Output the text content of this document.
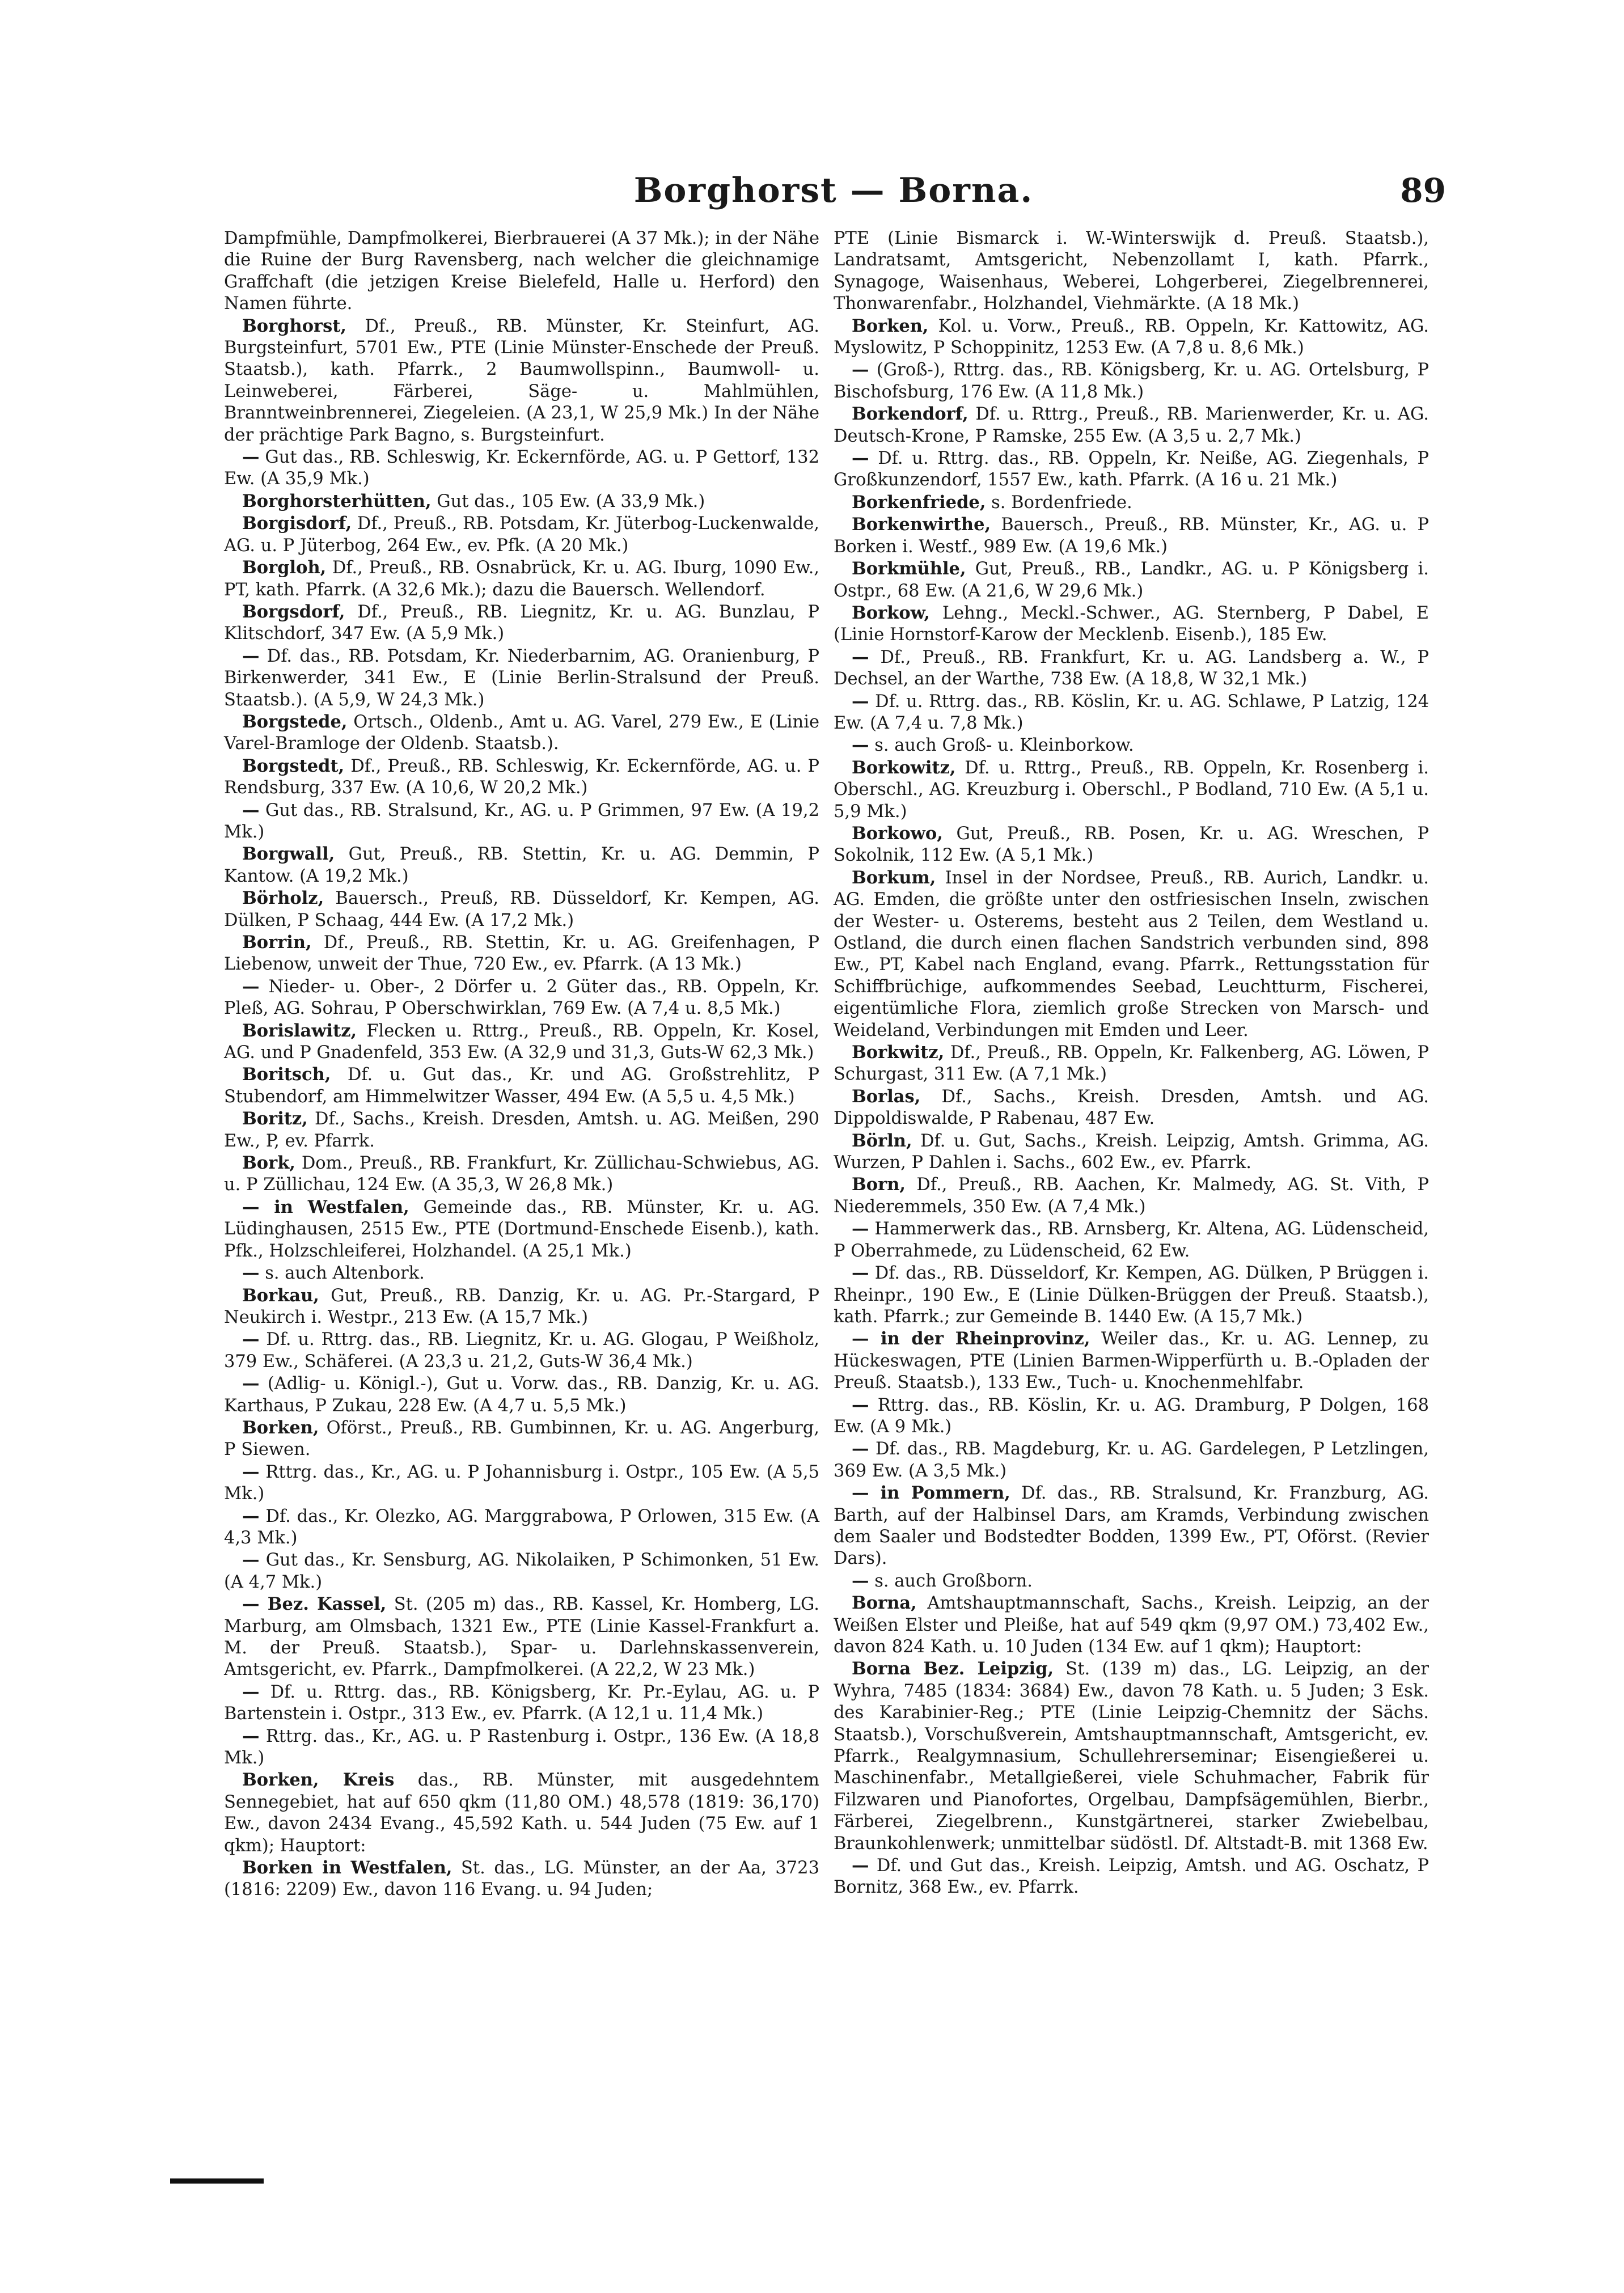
Borghorst — Borna.	89

Dampfmühle, Dampfmolkerei, Bierbrauerei (A 37 Mk.); in der Nähe die Ruine der Burg Ravensberg, nach welcher die gleichnamige Graffchaft (die jetzigen Kreise Bielefeld, Halle u. Herford) den Namen führte.

Borghorst, Df., Preuß., RB. Münster, Kr. Steinfurt, AG. Burgsteinfurt, 5701 Ew., PTE (Linie Münster-Enschede der Preuß. Staatsb.), kath. Pfarrk., 2 Baumwollspinn., Baumwoll- u. Leinweberei, Färberei, Säge- u. Mahlmühlen, Branntweinbrennerei, Ziegeleien. (A 23,1, W 25,9 Mk.) In der Nähe der prächtige Park Bagno, s. Burgsteinfurt.

— Gut das., RB. Schleswig, Kr. Eckernförde, AG. u. P Gettorf, 132 Ew. (A 35,9 Mk.)

Borghorsterhütten, Gut das., 105 Ew. (A 33,9 Mk.)

Borgisdorf, Df., Preuß., RB. Potsdam, Kr. Jüterbog-Luckenwalde, AG. u. P Jüterbog, 264 Ew., ev. Pfk. (A 20 Mk.)

Borgloh, Df., Preuß., RB. Osnabrück, Kr. u. AG. Iburg, 1090 Ew., PT, kath. Pfarrk. (A 32,6 Mk.); dazu die Bauersch. Wellendorf.

Borgsdorf, Df., Preuß., RB. Liegnitz, Kr. u. AG. Bunzlau, P Klitschdorf, 347 Ew. (A 5,9 Mk.)

— Df. das., RB. Potsdam, Kr. Niederbarnim, AG. Oranienburg, P Birkenwerder, 341 Ew., E (Linie Berlin-Stralsund der Preuß. Staatsb.). (A 5,9, W 24,3 Mk.)

Borgstede, Ortsch., Oldenb., Amt u. AG. Varel, 279 Ew., E (Linie Varel-Bramloge der Oldenb. Staatsb.).

Borgstedt, Df., Preuß., RB. Schleswig, Kr. Eckernförde, AG. u. P Rendsburg, 337 Ew. (A 10,6, W 20,2 Mk.)

— Gut das., RB. Stralsund, Kr., AG. u. P Grimmen, 97 Ew. (A 19,2 Mk.)

Borgwall, Gut, Preuß., RB. Stettin, Kr. u. AG. Demmin, P Kantow. (A 19,2 Mk.)

Börholz, Bauersch., Preuß, RB. Düsseldorf, Kr. Kempen, AG. Dülken, P Schaag, 444 Ew. (A 17,2 Mk.)

Borrin, Df., Preuß., RB. Stettin, Kr. u. AG. Greifenhagen, P Liebenow, unweit der Thue, 720 Ew., ev. Pfarrk. (A 13 Mk.)

— Nieder- u. Ober-, 2 Dörfer u. 2 Güter das., RB. Oppeln, Kr. Pleß, AG. Sohrau, P Oberschwirklan, 769 Ew. (A 7,4 u. 8,5 Mk.)

Borislawitz, Flecken u. Rttrg., Preuß., RB. Oppeln, Kr. Kosel, AG. und P Gnadenfeld, 353 Ew. (A 32,9 und 31,3, Guts-W 62,3 Mk.)

Boritsch, Df. u. Gut das., Kr. und AG. Großstrehlitz, P Stubendorf, am Himmelwitzer Wasser, 494 Ew. (A 5,5 u. 4,5 Mk.)

Boritz, Df., Sachs., Kreish. Dresden, Amtsh. u. AG. Meißen, 290 Ew., P, ev. Pfarrk.

Bork, Dom., Preuß., RB. Frankfurt, Kr. Züllichau-Schwiebus, AG. u. P Züllichau, 124 Ew. (A 35,3, W 26,8 Mk.)

— in Westfalen, Gemeinde das., RB. Münster, Kr. u. AG. Lüdinghausen, 2515 Ew., PTE (Dortmund-Enschede Eisenb.), kath. Pfk., Holzschleiferei, Holzhandel. (A 25,1 Mk.)

— s. auch Altenbork.

Borkau, Gut, Preuß., RB. Danzig, Kr. u. AG. Pr.-Stargard, P Neukirch i. Westpr., 213 Ew. (A 15,7 Mk.)

— Df. u. Rttrg. das., RB. Liegnitz, Kr. u. AG. Glogau, P Weißholz, 379 Ew., Schäferei. (A 23,3 u. 21,2, Guts-W 36,4 Mk.)

— (Adlig- u. Königl.-), Gut u. Vorw. das., RB. Danzig, Kr. u. AG. Karthaus, P Zukau, 228 Ew. (A 4,7 u. 5,5 Mk.)

Borken, Oförst., Preuß., RB. Gumbinnen, Kr. u. AG. Angerburg, P Siewen.

— Rttrg. das., Kr., AG. u. P Johannisburg i. Ostpr., 105 Ew. (A 5,5 Mk.)

— Df. das., Kr. Olezko, AG. Marggrabowa, P Orlowen, 315 Ew. (A 4,3 Mk.)

— Gut das., Kr. Sensburg, AG. Nikolaiken, P Schimonken, 51 Ew. (A 4,7 Mk.)

— Bez. Kassel, St. (205 m) das., RB. Kassel, Kr. Homberg, LG. Marburg, am Olmsbach, 1321 Ew., PTE (Linie Kassel-Frankfurt a. M. der Preuß. Staatsb.), Spar- u. Darlehnskassenverein, Amtsgericht, ev. Pfarrk., Dampfmolkerei. (A 22,2, W 23 Mk.)

— Df. u. Rttrg. das., RB. Königsberg, Kr. Pr.-Eylau, AG. u. P Bartenstein i. Ostpr., 313 Ew., ev. Pfarrk. (A 12,1 u. 11,4 Mk.)

— Rttrg. das., Kr., AG. u. P Rastenburg i. Ostpr., 136 Ew. (A 18,8 Mk.)

Borken, Kreis das., RB. Münster, mit ausgedehntem Sennegebiet, hat auf 650 qkm (11,80 OM.) 48,578 (1819: 36,170) Ew., davon 2434 Evang., 45,592 Kath. u. 544 Juden (75 Ew. auf 1 qkm); Hauptort:

Borken in Westfalen, St. das., LG. Münster, an der Aa, 3723 (1816: 2209) Ew., davon 116 Evang. u. 94 Juden;

PTE (Linie Bismarck i. W.-Winterswijk d. Preuß. Staatsb.), Landratsamt, Amtsgericht, Nebenzollamt I, kath. Pfarrk., Synagoge, Waisenhaus, Weberei, Lohgerberei, Ziegelbrennerei, Thonwarenfabr., Holzhandel, Viehmärkte. (A 18 Mk.)

Borken, Kol. u. Vorw., Preuß., RB. Oppeln, Kr. Kattowitz, AG. Myslowitz, P Schoppinitz, 1253 Ew. (A 7,8 u. 8,6 Mk.)

— (Groß-), Rttrg. das., RB. Königsberg, Kr. u. AG. Ortelsburg, P Bischofsburg, 176 Ew. (A 11,8 Mk.)

Borkendorf, Df. u. Rttrg., Preuß., RB. Marienwerder, Kr. u. AG. Deutsch-Krone, P Ramske, 255 Ew. (A 3,5 u. 2,7 Mk.)

— Df. u. Rttrg. das., RB. Oppeln, Kr. Neiße, AG. Ziegenhals, P Großkunzendorf, 1557 Ew., kath. Pfarrk. (A 16 u. 21 Mk.)

Borkenfriede, s. Bordenfriede.

Borkenwirthe, Bauersch., Preuß., RB. Münster, Kr., AG. u. P Borken i. Westf., 989 Ew. (A 19,6 Mk.)

Borkmühle, Gut, Preuß., RB., Landkr., AG. u. P Königsberg i. Ostpr., 68 Ew. (A 21,6, W 29,6 Mk.)

Borkow, Lehng., Meckl.-Schwer., AG. Sternberg, P Dabel, E (Linie Hornstorf-Karow der Mecklenb. Eisenb.), 185 Ew.

— Df., Preuß., RB. Frankfurt, Kr. u. AG. Landsberg a. W., P Dechsel, an der Warthe, 738 Ew. (A 18,8, W 32,1 Mk.)

— Df. u. Rttrg. das., RB. Köslin, Kr. u. AG. Schlawe, P Latzig, 124 Ew. (A 7,4 u. 7,8 Mk.)

— s. auch Groß- u. Kleinborkow.

Borkowitz, Df. u. Rttrg., Preuß., RB. Oppeln, Kr. Rosenberg i. Oberschl., AG. Kreuzburg i. Oberschl., P Bodland, 710 Ew. (A 5,1 u. 5,9 Mk.)

Borkowo, Gut, Preuß., RB. Posen, Kr. u. AG. Wreschen, P Sokolnik, 112 Ew. (A 5,1 Mk.)

Borkum, Insel in der Nordsee, Preuß., RB. Aurich, Landkr. u. AG. Emden, die größte unter den ostfriesischen Inseln, zwischen der Wester- u. Osterems, besteht aus 2 Teilen, dem Westland u. Ostland, die durch einen flachen Sandstrich verbunden sind, 898 Ew., PT, Kabel nach England, evang. Pfarrk., Rettungsstation für Schiffbrüchige, aufkommendes Seebad, Leuchtturm, Fischerei, eigentümliche Flora, ziemlich große Strecken von Marsch- und Weideland, Verbindungen mit Emden und Leer.

Borkwitz, Df., Preuß., RB. Oppeln, Kr. Falkenberg, AG. Löwen, P Schurgast, 311 Ew. (A 7,1 Mk.)

Borlas, Df., Sachs., Kreish. Dresden, Amtsh. und AG. Dippoldiswalde, P Rabenau, 487 Ew.

Börln, Df. u. Gut, Sachs., Kreish. Leipzig, Amtsh. Grimma, AG. Wurzen, P Dahlen i. Sachs., 602 Ew., ev. Pfarrk.

Born, Df., Preuß., RB. Aachen, Kr. Malmedy, AG. St. Vith, P Niederemmels, 350 Ew. (A 7,4 Mk.)

— Hammerwerk das., RB. Arnsberg, Kr. Altena, AG. Lüdenscheid, P Oberrahmede, zu Lüdenscheid, 62 Ew.

— Df. das., RB. Düsseldorf, Kr. Kempen, AG. Dülken, P Brüggen i. Rheinpr., 190 Ew., E (Linie Dülken-Brüggen der Preuß. Staatsb.), kath. Pfarrk.; zur Gemeinde B. 1440 Ew. (A 15,7 Mk.)

— in der Rheinprovinz, Weiler das., Kr. u. AG. Lennep, zu Hückeswagen, PTE (Linien Barmen-Wipperfürth u. B.-Opladen der Preuß. Staatsb.), 133 Ew., Tuch- u. Knochenmehlfabr.

— Rttrg. das., RB. Köslin, Kr. u. AG. Dramburg, P Dolgen, 168 Ew. (A 9 Mk.)

— Df. das., RB. Magdeburg, Kr. u. AG. Gardelegen, P Letzlingen, 369 Ew. (A 3,5 Mk.)

— in Pommern, Df. das., RB. Stralsund, Kr. Franzburg, AG. Barth, auf der Halbinsel Dars, am Kramds, Verbindung zwischen dem Saaler und Bodstedter Bodden, 1399 Ew., PT, Oförst. (Revier Dars).

— s. auch Großborn.

Borna, Amtshauptmannschaft, Sachs., Kreish. Leipzig, an der Weißen Elster und Pleiße, hat auf 549 qkm (9,97 OM.) 73,402 Ew., davon 824 Kath. u. 10 Juden (134 Ew. auf 1 qkm); Hauptort:

Borna Bez. Leipzig, St. (139 m) das., LG. Leipzig, an der Wyhra, 7485 (1834: 3684) Ew., davon 78 Kath. u. 5 Juden; 3 Esk. des Karabinier-Reg.; PTE (Linie Leipzig-Chemnitz der Sächs. Staatsb.), Vorschußverein, Amtshauptmannschaft, Amtsgericht, ev. Pfarrk., Realgymnasium, Schullehrerseminar; Eisengießerei u. Maschinenfabr., Metallgießerei, viele Schuhmacher, Fabrik für Filzwaren und Pianofortes, Orgelbau, Dampfsägemühlen, Bierbr., Färberei, Ziegelbrenn., Kunstgärtnerei, starker Zwiebelbau, Braunkohlenwerk; unmittelbar südöstl. Df. Altstadt-B. mit 1368 Ew.

— Df. und Gut das., Kreish. Leipzig, Amtsh. und AG. Oschatz, P Bornitz, 368 Ew., ev. Pfarrk.
